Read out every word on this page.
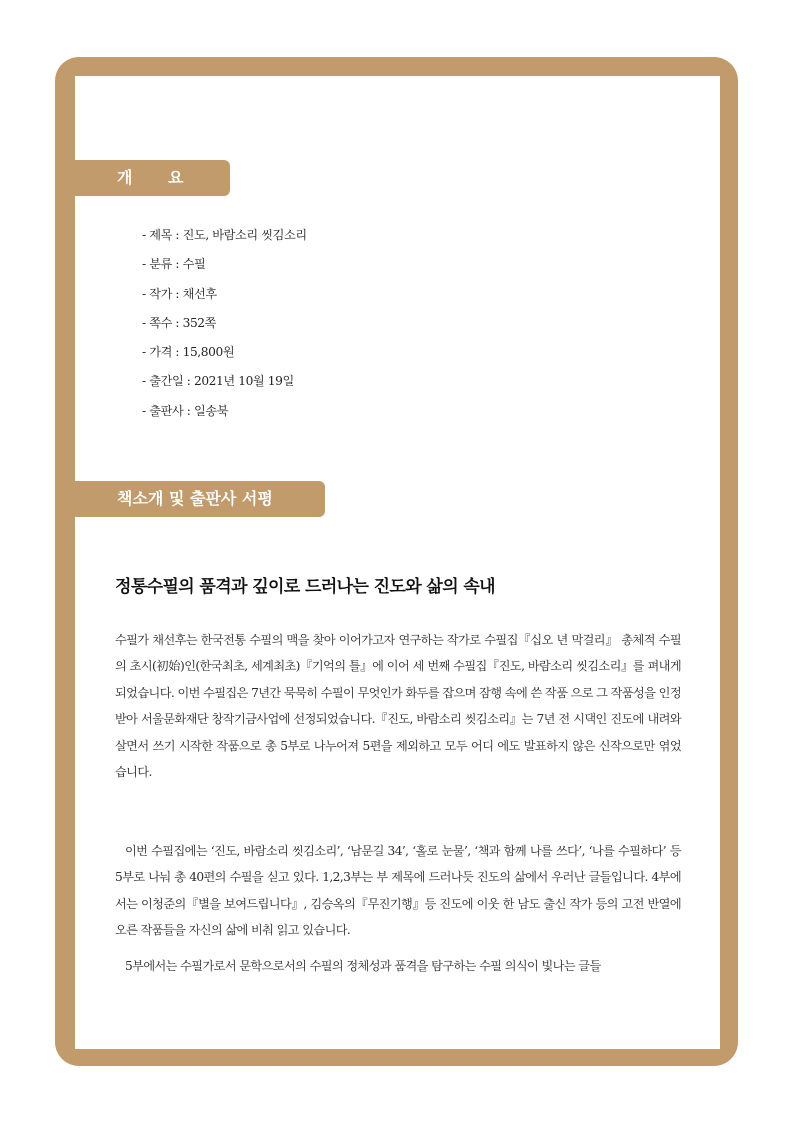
개 요
- 제목 : 진도, 바람소리 씻김소리
- 분류 : 수필
- 작가 : 채선후
- 쪽수 : 352쪽
- 가격 : 15,800원
- 출간일 : 2021년 10월 19일
- 출판사 : 일송북
책소개 및 출판사 서평
정통수필의 품격과 깊이로 드러나는 진도와 삶의 속내

수필가 채선후는 한국전통 수필의 맥을 찾아 이어가고자 연구하는 작가로 수필집『십오 년 막걸리』 총체적 수필의 초시(初始)인(한국최초, 세계최초)『기억의 틀』에 이어 세 번째 수필집『진도, 바람소리 씻김소리』를 펴내게 되었습니다. 이번 수필집은 7년간 묵묵히 수필이 무엇인가 화두를 잡으며 잠행 속에 쓴 작품 으로 그 작품성을 인정받아 서울문화재단 창작기금사업에 선정되었습니다.『진도, 바람소리 씻김소리』는 7년 전 시댁인 진도에 내려와 살면서 쓰기 시작한 작품으로 총 5부로 나누어져 5편을 제외하고 모두 어디 에도 발표하지 않은 신작으로만 엮었습니다.

이번 수필집에는 ‘진도, 바람소리 씻김소리’, ‘남문길 34’, ‘홀로 눈물’, ‘책과 함께 나를 쓰다’, ‘나를 수필하다’ 등 5부로 나눠 총 40편의 수필을 싣고 있다. 1,2,3부는 부 제목에 드러나듯 진도의 삶에서 우러난 글들입니다. 4부에서는 이청준의『별을 보여드립니다』, 김승옥의『무진기행』등 진도에 이웃 한 남도 출신 작가 등의 고전 반열에 오른 작품들을 자신의 삶에 비춰 읽고 있습니다.

5부에서는 수필가로서 문학으로서의 수필의 정체성과 품격을 탐구하는 수필 의식이 빛나는 글들
